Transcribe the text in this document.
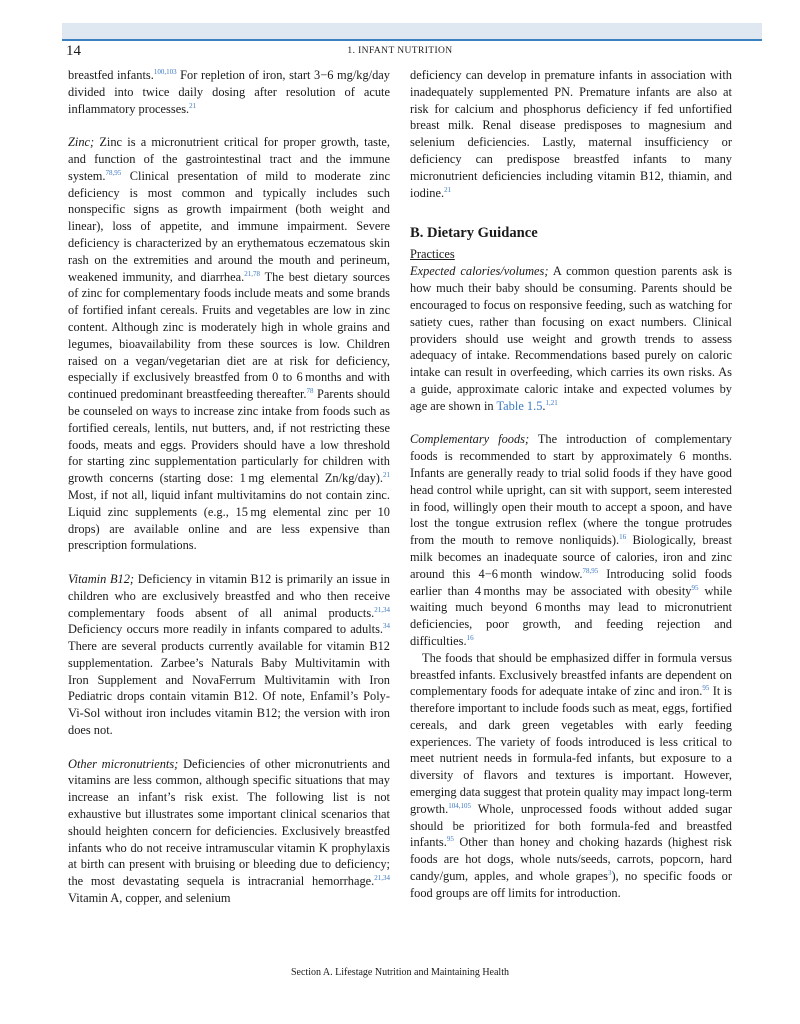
14	1. INFANT NUTRITION

breastfed infants.$^{100,103}$ For repletion of iron, start 3−6 mg/kg/day divided into twice daily dosing after resolution of acute inflammatory processes.$^{21}$

Zinc; Zinc is a micronutrient critical for proper growth, taste, and function of the gastrointestinal tract and the immune system.$^{78,95}$ Clinical presentation of mild to moderate zinc deficiency is most common and typically includes such nonspecific signs as growth impairment (both weight and linear), loss of appetite, and immune impairment. Severe deficiency is characterized by an erythematous eczematous skin rash on the extremities and around the mouth and perineum, weakened immunity, and diarrhea.$^{21,78}$ The best dietary sources of zinc for complementary foods include meats and some brands of fortified infant cereals. Fruits and vegetables are low in zinc content. Although zinc is moderately high in whole grains and legumes, bioavailability from these sources is low. Children raised on a vegan/vegetarian diet are at risk for deficiency, especially if exclusively breastfed from 0 to 6 months and with continued predominant breastfeeding thereafter.$^{78}$ Parents should be counseled on ways to increase zinc intake from foods such as fortified cereals, lentils, nut butters, and, if not restricting these foods, meats and eggs. Providers should have a low threshold for starting zinc supplementation particularly for children with growth concerns (starting dose: 1 mg elemental Zn/kg/day).$^{21}$ Most, if not all, liquid infant multivitamins do not contain zinc. Liquid zinc supplements (e.g., 15 mg elemental zinc per 10 drops) are available online and are less expensive than prescription formulations.

Vitamin B12; Deficiency in vitamin B12 is primarily an issue in children who are exclusively breastfed and who then receive complementary foods absent of all animal products.$^{21,34}$ Deficiency occurs more readily in infants compared to adults.$^{34}$ There are several products currently available for vitamin B12 supplementation. Zarbee’s Naturals Baby Multivitamin with Iron Supplement and NovaFerrum Multivitamin with Iron Pediatric drops contain vitamin B12. Of note, Enfamil’s Poly-Vi-Sol without iron includes vitamin B12; the version with iron does not.

Other micronutrients; Deficiencies of other micronutrients and vitamins are less common, although specific situations that may increase an infant’s risk exist. The following list is not exhaustive but illustrates some important clinical scenarios that should heighten concern for deficiencies. Exclusively breastfed infants who do not receive intramuscular vitamin K prophylaxis at birth can present with bruising or bleeding due to deficiency; the most devastating sequela is intracranial hemorrhage.$^{21,34}$ Vitamin A, copper, and selenium

deficiency can develop in premature infants in association with inadequately supplemented PN. Premature infants are also at risk for calcium and phosphorus deficiency if fed unfortified breast milk. Renal disease predisposes to magnesium and selenium deficiencies. Lastly, maternal insufficiency or deficiency can predispose breastfed infants to many micronutrient deficiencies including vitamin B12, thiamin, and iodine.$^{21}$

B. Dietary Guidance

Practices

Expected calories/volumes; A common question parents ask is how much their baby should be consuming. Parents should be encouraged to focus on responsive feeding, such as watching for satiety cues, rather than focusing on exact numbers. Clinical providers should use weight and growth trends to assess adequacy of intake. Recommendations based purely on caloric intake can result in overfeeding, which carries its own risks. As a guide, approximate caloric intake and expected volumes by age are shown in Table 1.5.$^{1,21}$

Complementary foods; The introduction of complementary foods is recommended to start by approximately 6 months. Infants are generally ready to trial solid foods if they have good head control while upright, can sit with support, seem interested in food, willingly open their mouth to accept a spoon, and have lost the tongue extrusion reflex (where the tongue protrudes from the mouth to remove nonliquids).$^{16}$ Biologically, breast milk becomes an inadequate source of calories, iron and zinc around this 4−6 month window.$^{78,95}$ Introducing solid foods earlier than 4 months may be associated with obesity$^{95}$ while waiting much beyond 6 months may lead to micronutrient deficiencies, poor growth, and feeding rejection and difficulties.$^{16}$

The foods that should be emphasized differ in formula versus breastfed infants. Exclusively breastfed infants are dependent on complementary foods for adequate intake of zinc and iron.$^{95}$ It is therefore important to include foods such as meat, eggs, fortified cereals, and dark green vegetables with early feeding experiences. The variety of foods introduced is less critical to meet nutrient needs in formula-fed infants, but exposure to a diversity of flavors and textures is important. However, emerging data suggest that protein quality may impact long-term growth.$^{104,105}$ Whole, unprocessed foods without added sugar should be prioritized for both formula-fed and breastfed infants.$^{95}$ Other than honey and choking hazards (highest risk foods are hot dogs, whole nuts/seeds, carrots, popcorn, hard candy/gum, apples, and whole grapes$^3$), no specific foods or food groups are off limits for introduction.

Section A. Lifestage Nutrition and Maintaining Health
